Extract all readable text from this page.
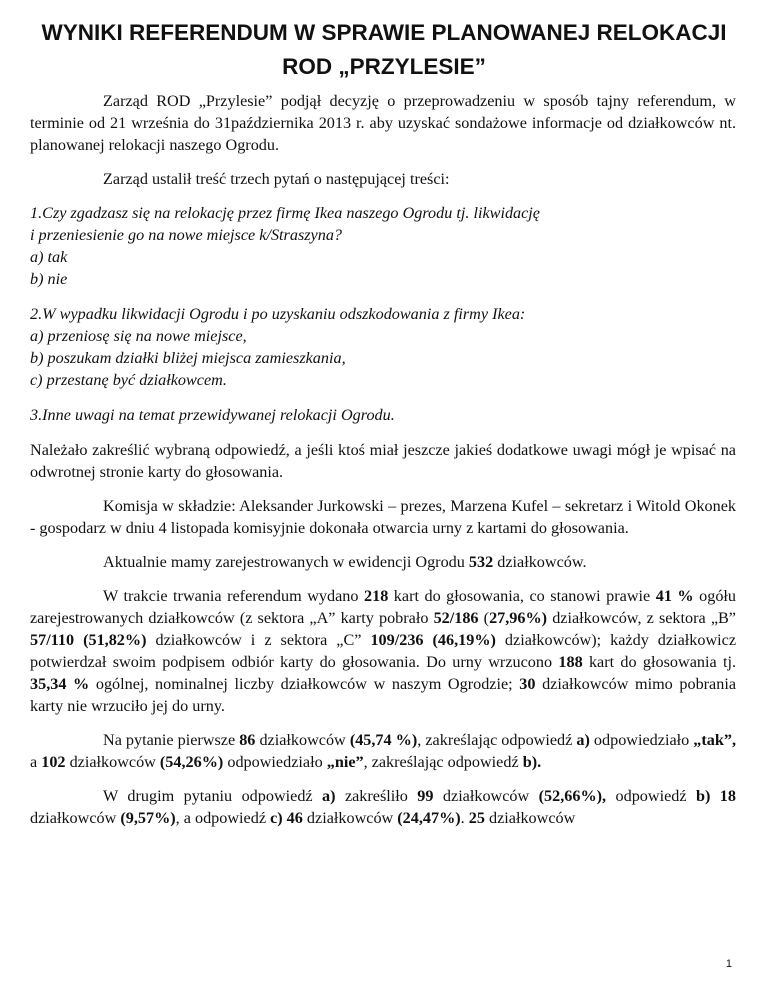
WYNIKI REFERENDUM W SPRAWIE PLANOWANEJ RELOKACJI
ROD „PRZYLESIE”

Zarząd ROD „Przylesie” podjął decyzję o przeprowadzeniu w sposób tajny referendum, w terminie od 21 września do 31października 2013 r. aby uzyskać sondażowe informacje od działkowców nt. planowanej relokacji naszego Ogrodu.

Zarząd ustalił treść trzech pytań o następującej treści:

1.Czy zgadzasz się na relokację przez firmę Ikea naszego Ogrodu tj. likwidację
i przeniesienie go na nowe miejsce k/Straszyna?
a) tak
b) nie
2.W wypadku likwidacji Ogrodu i po uzyskaniu odszkodowania z firmy Ikea:
a) przeniosę się na nowe miejsce,
b) poszukam działki bliżej miejsca zamieszkania,
c) przestanę być działkowcem.
3.Inne uwagi na temat przewidywanej relokacji Ogrodu.

Należało zakreślić wybraną odpowiedź, a jeśli ktoś miał jeszcze jakieś dodatkowe uwagi mógł je wpisać na odwrotnej stronie karty do głosowania.

Komisja w składzie: Aleksander Jurkowski – prezes, Marzena Kufel – sekretarz i Witold Okonek - gospodarz w dniu 4 listopada komisyjnie dokonała otwarcia urny z kartami do głosowania.

Aktualnie mamy zarejestrowanych w ewidencji Ogrodu 532 działkowców.

W trakcie trwania referendum wydano 218 kart do głosowania, co stanowi prawie 41 % ogółu zarejestrowanych działkowców (z sektora „A” karty pobrało 52/186 (27,96%) działkowców, z sektora „B” 57/110 (51,82%) działkowców i z sektora „C” 109/236 (46,19%) działkowców); każdy działkowicz potwierdzał swoim podpisem odbiór karty do głosowania. Do urny wrzucono 188 kart do głosowania tj. 35,34 % ogólnej, nominalnej liczby działkowców w naszym Ogrodzie; 30 działkowców mimo pobrania karty nie wrzuciło jej do urny.

Na pytanie pierwsze 86 działkowców (45,74 %), zakreślając odpowiedź a) odpowiedziało „tak”, a 102 działkowców (54,26%) odpowiedziało „nie”, zakreślając odpowiedź b).

W drugim pytaniu odpowiedź a) zakreśliło 99 działkowców (52,66%), odpowiedź b) 18 działkowców (9,57%), a odpowiedź c) 46 działkowców (24,47%). 25 działkowców

1
